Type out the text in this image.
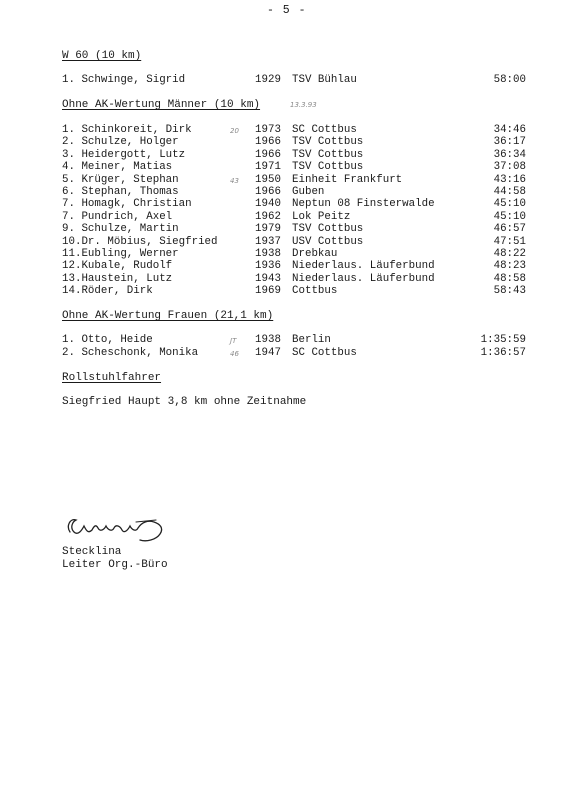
- 5 -
W 60 (10 km)
1. Schwinge, Sigrid	1929 TSV Bühlau	58:00
Ohne AK-Wertung Männer (10 km)	13.3.93
1. Schinkoreit, Dirk	1973 SC Cottbus	34:46
20
2. Schulze, Holger	1966 TSV Cottbus	36:17
3. Heidergott, Lutz	1966 TSV Cottbus	36:34
4. Meiner, Matias	1971 TSV Cottbus	37:08
5. Krüger, Stephan	1950 Einheit Frankfurt	43:16
43
6. Stephan, Thomas	1966 Guben	44:58
7. Homagk, Christian	1940 Neptun 08 Finsterwalde	45:10
7. Pundrich, Axel	1962 Lok Peitz	45:10
9. Schulze, Martin	1979 TSV Cottbus	46:57
10.Dr. Möbius, Siegfried	1937 USV Cottbus	47:51
11.Eubling, Werner	1938 Drebkau	48:22
12.Kubale, Rudolf	1936 Niederlaus. Läuferbund	48:23
13.Haustein, Lutz	1943 Niederlaus. Läuferbund	48:58
14.Röder, Dirk	1969 Cottbus	58:43
Ohne AK-Wertung Frauen (21,1 km)
1. Otto, Heide	1938 Berlin	1:35:59
JT
2. Scheschonk, Monika	1947 SC Cottbus	1:36:57
46
Rollstuhlfahrer
Siegfried Haupt 3,8 km ohne Zeitnahme
Stecklina
Leiter Org.-Büro
